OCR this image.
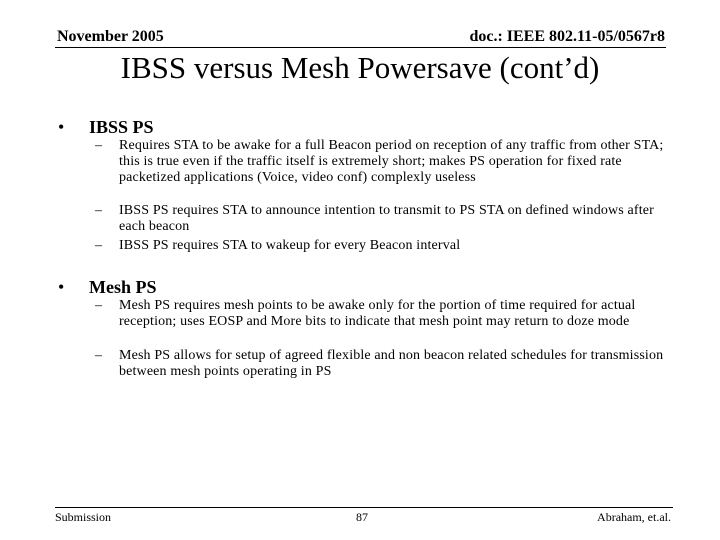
November 2005	doc.: IEEE 802.11-05/0567r8
IBSS versus Mesh Powersave (cont’d)
• IBSS PS
–	Requires STA to be awake for a full Beacon period on reception of any traffic from other STA; this is true even if the traffic itself is extremely short; makes PS operation for fixed rate packetized applications (Voice, video conf) complexly useless
–	IBSS PS requires STA to announce intention to transmit to PS STA on defined windows after each beacon
–	IBSS PS requires STA to wakeup for every Beacon interval
• Mesh PS
–	Mesh PS requires mesh points to be awake only for the portion of time required for actual reception; uses EOSP and More bits to indicate that mesh point may return to doze mode
–	Mesh PS allows for setup of agreed flexible and non beacon related schedules for transmission between mesh points operating in PS
Submission	87	Abraham, et.al.
